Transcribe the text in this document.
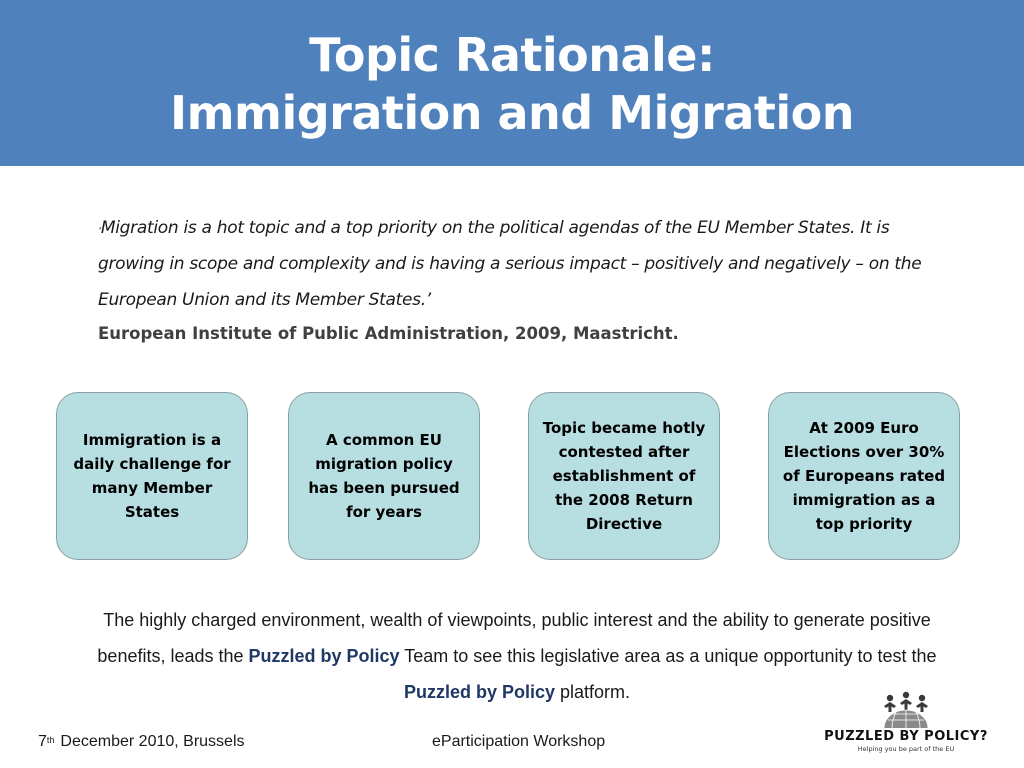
Topic Rationale:
Immigration and Migration
‘Migration is a hot topic and a top priority on the political agendas of the EU Member States. It is growing in scope and complexity and is having a serious impact – positively and negatively – on the European Union and its Member States.’
European Institute of Public Administration, 2009, Maastricht.
Immigration is a daily challenge for many Member States
A common EU migration policy has been pursued for years
Topic became hotly contested after establishment of the 2008 Return Directive
At 2009 Euro Elections over 30% of Europeans rated immigration as a top priority
The highly charged environment, wealth of viewpoints, public interest and the ability to generate positive benefits, leads the Puzzled by Policy Team to see this legislative area as a unique opportunity to test the Puzzled by Policy platform.
7th December 2010, Brussels	eParticipation Workshop	PUZZLED BY POLICY?
Helping you be part of the EU
